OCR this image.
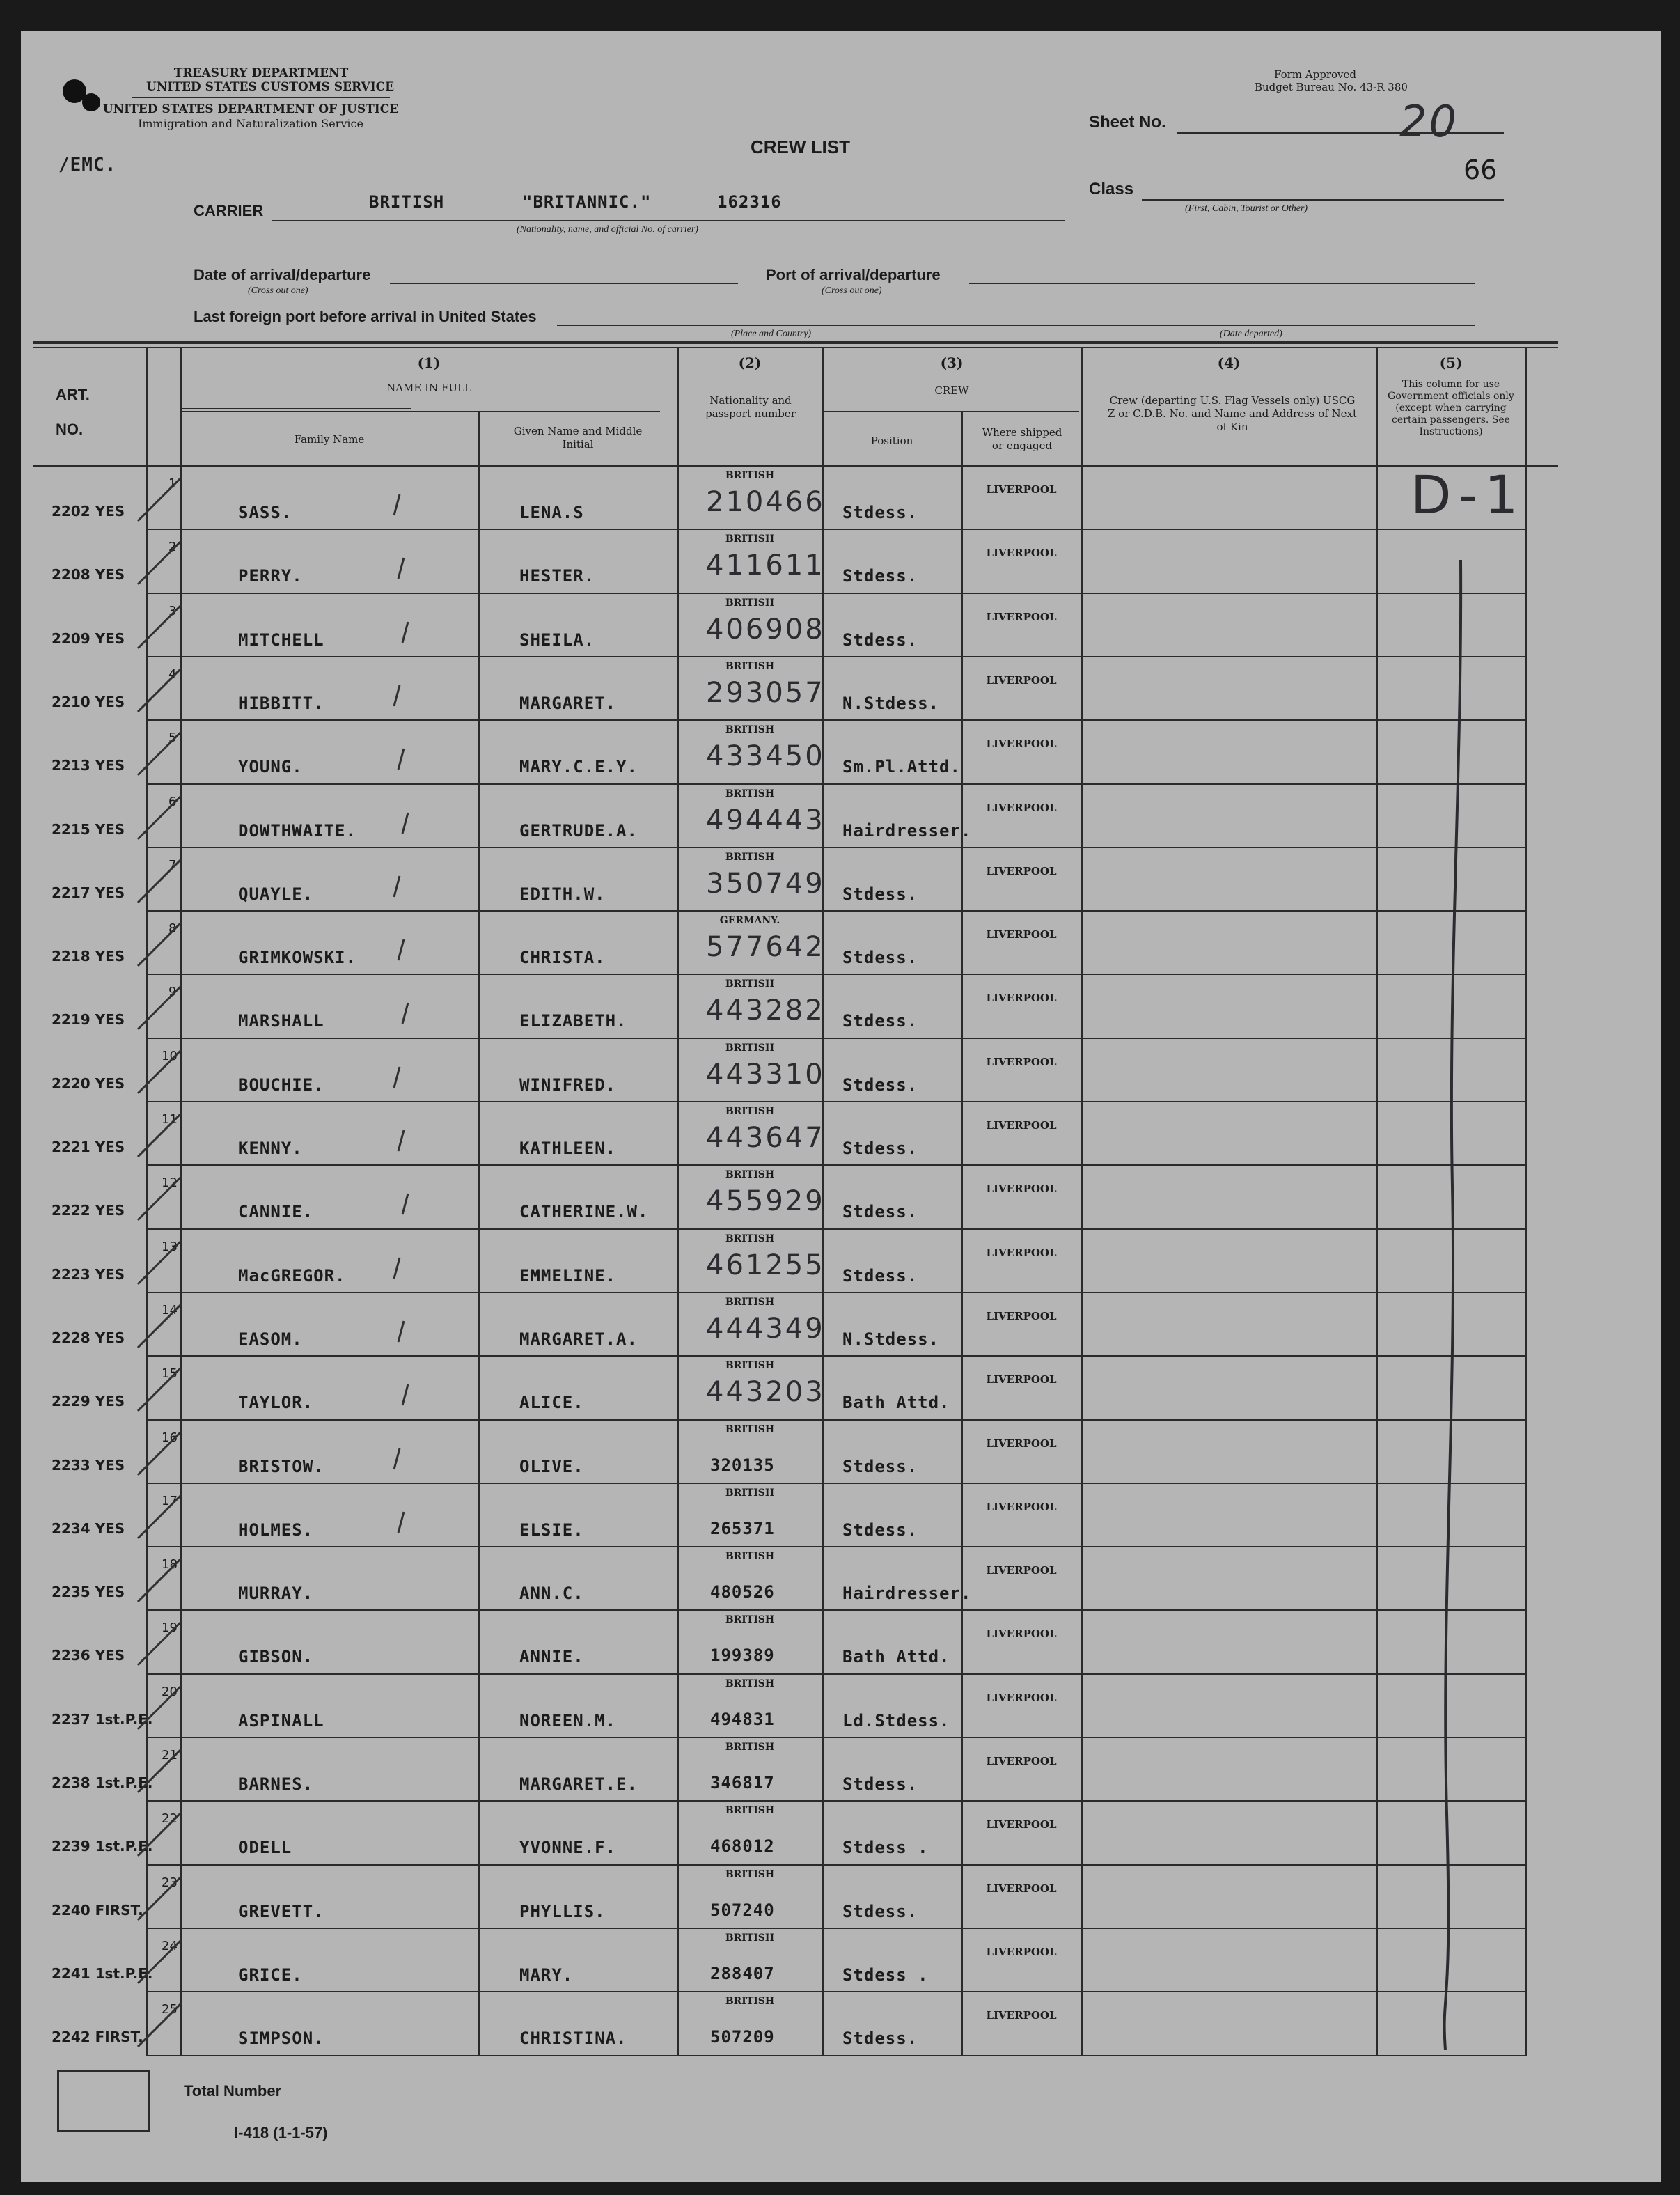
TREASURY DEPARTMENT
UNITED STATES CUSTOMS SERVICE
UNITED STATES DEPARTMENT OF JUSTICE
Immigration and Naturalization Service
/EMC.
Form Approved
Budget Bureau No. 43-R 380
CREW LIST
Sheet No.	20
Class
(First, Cabin, Tourist or Other)
66
CARRIER	BRITISH	"BRITANNIC."	162316
(Nationality, name, and official No. of carrier)
Date of arrival/departure
(Cross out one)
Port of arrival/departure
(Cross out one)
Last foreign port before arrival in United States
(Place and Country)	(Date departed)
ART.
NO.
(1)
NAME IN FULL
Family Name
Given Name and Middle Initial
(2)
Nationality and passport number
(3)
CREW
Position
Where shipped or engaged
(4)
Crew (departing U.S. Flag Vessels only) USCG Z or C.D.B. No. and Name and Address of Next of Kin
(5)
This column for use Government officials only (except when carrying certain passengers. See Instructions)
D-1
2202 YES
1
SASS.	LENA.S
BRITISH
210466 Stdess.
LIVERPOOL
2208 YES
2
PERRY.	HESTER.
BRITISH
411611 Stdess.
LIVERPOOL
2209 YES
3
MITCHELL	SHEILA.
BRITISH
406908 Stdess.
LIVERPOOL
2210 YES
4
HIBBITT.	MARGARET.
BRITISH
293057 N.Stdess.
LIVERPOOL
2213 YES
5
YOUNG.	MARY.C.E.Y.
BRITISH
433450 Sm.Pl.Attd.
LIVERPOOL
2215 YES
6
DOWTHWAITE.	GERTRUDE.A.
BRITISH
494443 Hairdresser.
LIVERPOOL
2217 YES
7
QUAYLE.	EDITH.W.
BRITISH
350749 Stdess.
LIVERPOOL
2218 YES
8
GRIMKOWSKI.	CHRISTA.
GERMANY.
577642 Stdess.
LIVERPOOL
2219 YES
9
MARSHALL	ELIZABETH.
BRITISH
443282 Stdess.
LIVERPOOL
2220 YES
10
BOUCHIE.	WINIFRED.
BRITISH
443310 Stdess.
LIVERPOOL
2221 YES
11
KENNY.	KATHLEEN.
BRITISH
443647 Stdess.
LIVERPOOL
2222 YES
12
CANNIE.	CATHERINE.W.
BRITISH
455929 Stdess.
LIVERPOOL
2223 YES
13
MacGREGOR.	EMMELINE.
BRITISH
461255 Stdess.
LIVERPOOL
2228 YES
14
EASOM.	MARGARET.A.
BRITISH
444349 N.Stdess.
LIVERPOOL
2229 YES
15
TAYLOR.	ALICE.
BRITISH
443203 Bath Attd.
LIVERPOOL
2233 YES
16
BRISTOW.	OLIVE.
BRITISH
320135	Stdess.
LIVERPOOL
2234 YES
17
HOLMES.	ELSIE.
BRITISH
265371	Stdess.
LIVERPOOL
2235 YES
18
MURRAY.	ANN.C.
BRITISH
480526	Hairdresser.
LIVERPOOL
2236 YES
19
GIBSON.	ANNIE.
BRITISH
199389	Bath Attd.
LIVERPOOL
2237 1st.P.E.
20
ASPINALL	NOREEN.M.
BRITISH
494831	Ld.Stdess.
LIVERPOOL
2238 1st.P.E.
21
BARNES.	MARGARET.E.
BRITISH
346817	Stdess.
LIVERPOOL
2239 1st.P.E.
22
ODELL	YVONNE.F.
BRITISH
468012	Stdess .
LIVERPOOL
2240 FIRST.
23
GREVETT.	PHYLLIS.
BRITISH
507240	Stdess.
LIVERPOOL
2241 1st.P.E.
24
GRICE.	MARY.
BRITISH
288407	Stdess .
LIVERPOOL
2242 FIRST.
25
SIMPSON.	CHRISTINA.
BRITISH
507209	Stdess.
LIVERPOOL
Total Number
I-418 (1-1-57)
